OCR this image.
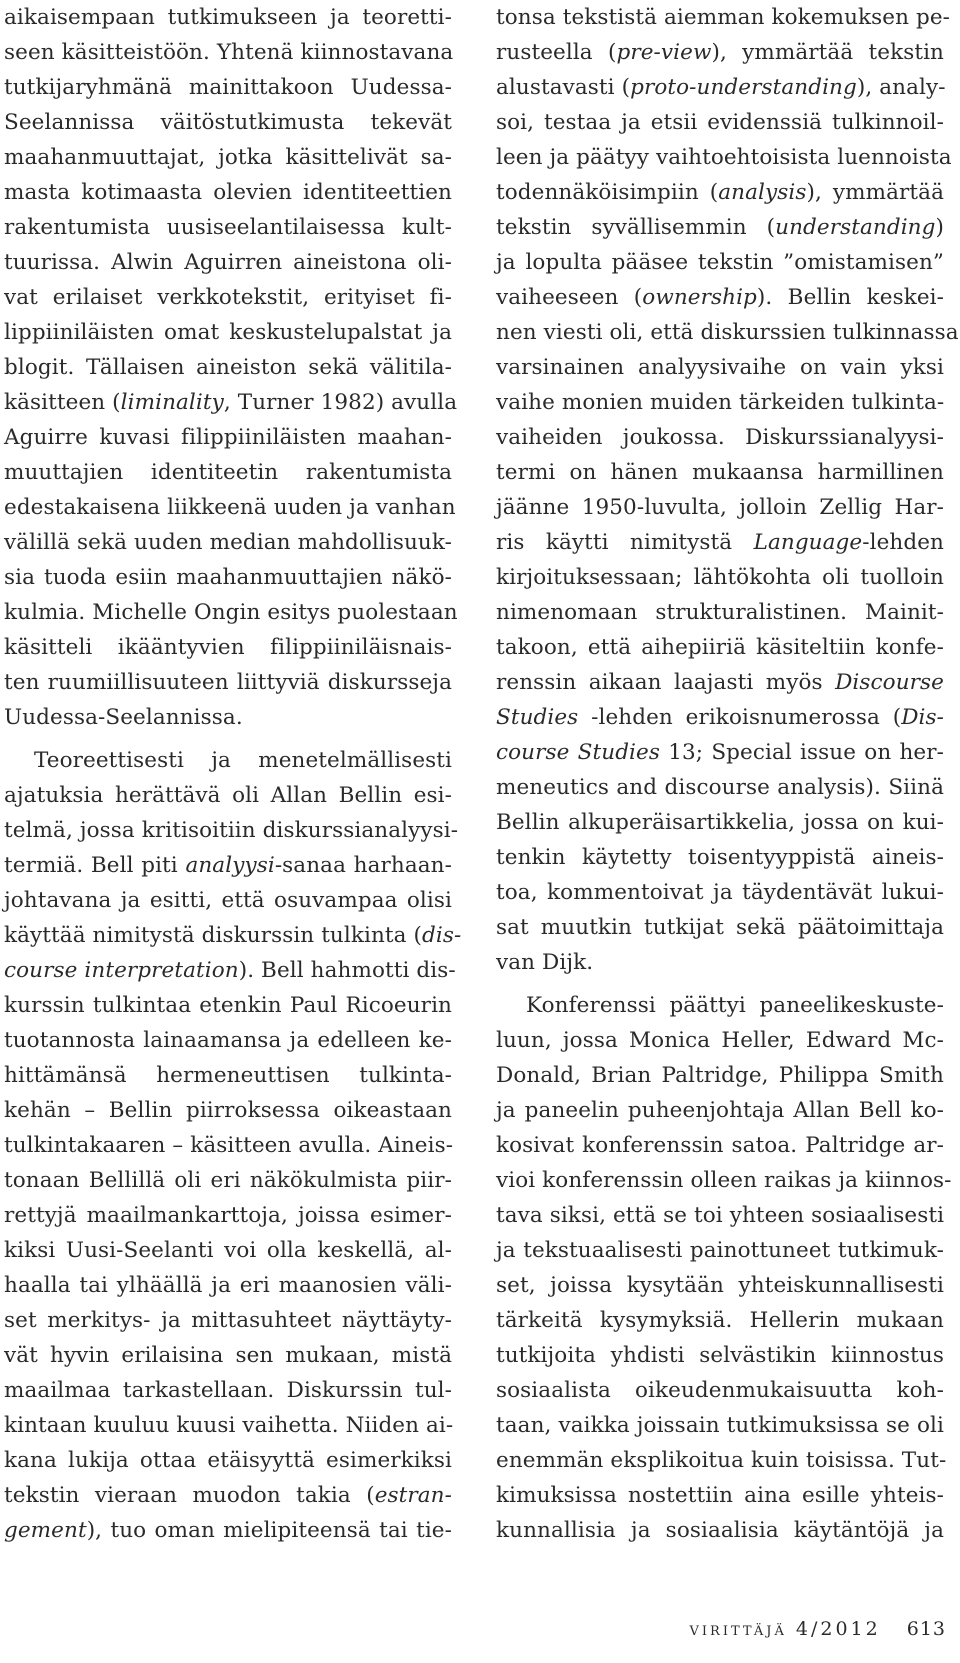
aikaisempaan tutkimukseen ja teoretti-
seen käsitteistöön. Yhtenä kiinnostavana
tutkijaryhmänä mainittakoon Uudessa-
Seelannissa väitöstutkimusta tekevät
maahanmuuttajat, jotka käsittelivät sa-
masta kotimaasta olevien identiteettien
rakentumista uusiseelantilaisessa kult-
tuurissa. Alwin Aguirren aineistona oli-
vat erilaiset verkkotekstit, erityiset fi-
lippiiniläisten omat keskustelupalstat ja
blogit. Tällaisen aineiston sekä välitila-
käsitteen (liminality, Turner 1982) avulla
Aguirre kuvasi filippiiniläisten maahan-
muuttajien identiteetin rakentumista
edestakaisena liikkeenä uuden ja vanhan
välillä sekä uuden median mahdollisuuk-
sia tuoda esiin maahanmuuttajien näkö-
kulmia. Michelle Ongin esitys puolestaan
käsitteli ikääntyvien filippiiniläisnais-
ten ruumiillisuuteen liittyviä diskursseja
Uudessa-Seelannissa.
Teoreettisesti ja menetelmällisesti
ajatuksia herättävä oli Allan Bellin esi-
telmä, jossa kritisoitiin diskurssianalyysi-
termiä. Bell piti analyysi-sanaa harhaan-
johtavana ja esitti, että osuvampaa olisi
käyttää nimitystä diskurssin tulkinta (dis-
course interpretation). Bell hahmotti dis-
kurssin tulkintaa etenkin Paul Ricoeurin
tuotannosta lainaamansa ja edelleen ke-
hittämänsä hermeneuttisen tulkinta-
kehän – Bellin piirroksessa oikeastaan
tulkintakaaren – käsitteen avulla. Aineis-
tonaan Bellillä oli eri näkökulmista piir-
rettyjä maailmankarttoja, joissa esimer-
kiksi Uusi-Seelanti voi olla keskellä, al-
haalla tai ylhäällä ja eri maanosien väli-
set merkitys- ja mittasuhteet näyttäyty-
vät hyvin erilaisina sen mukaan, mistä
maailmaa tarkastellaan. Diskurssin tul-
kintaan kuuluu kuusi vaihetta. Niiden ai-
kana lukija ottaa etäisyyttä esimerkiksi
tekstin vieraan muodon takia (estran-
gement), tuo oman mielipiteensä tai tie-
tonsa tekstistä aiemman kokemuksen pe-
rusteella (pre-view), ymmärtää tekstin
alustavasti (proto-understanding), analy-
soi, testaa ja etsii evidenssiä tulkinnoil-
leen ja päätyy vaihtoehtoisista luennoista
todennäköisimpiin (analysis), ymmärtää
tekstin syvällisemmin (understanding)
ja lopulta pääsee tekstin ”omistamisen”
vaiheeseen (ownership). Bellin keskei-
nen viesti oli, että diskurssien tulkinnassa
varsinainen analyysivaihe on vain yksi
vaihe monien muiden tärkeiden tulkinta-
vaiheiden joukossa. Diskurssianalyysi-
termi on hänen mukaansa harmillinen
jäänne 1950-luvulta, jolloin Zellig Har-
ris käytti nimitystä Language-lehden
kirjoituksessaan; lähtökohta oli tuolloin
nimenomaan strukturalistinen. Mainit-
takoon, että aihepiiriä käsiteltiin konfe-
renssin aikaan laajasti myös Discourse
Studies -lehden erikoisnumerossa (Dis-
course Studies 13; Special issue on her-
meneutics and discourse analysis). Siinä
Bellin alkuperäisartikkelia, jossa on kui-
tenkin käytetty toisentyyppistä aineis-
toa, kommentoivat ja täydentävät lukui-
sat muutkin tutkijat sekä päätoimittaja
van Dijk.
Konferenssi päättyi paneelikeskuste-
luun, jossa Monica Heller, Edward Mc-
Donald, Brian Paltridge, Philippa Smith
ja paneelin puheenjohtaja Allan Bell ko-
kosivat konferenssin satoa. Paltridge ar-
vioi konferenssin olleen raikas ja kiinnos-
tava siksi, että se toi yhteen sosiaalisesti
ja tekstuaalisesti painottuneet tutkimuk-
set, joissa kysytään yhteiskunnallisesti
tärkeitä kysymyksiä. Hellerin mukaan
tutkijoita yhdisti selvästikin kiinnostus
sosiaalista oikeudenmukaisuutta koh-
taan, vaikka joissain tutkimuksissa se oli
enemmän eksplikoitua kuin toisissa. Tut-
kimuksissa nostettiin aina esille yhteis-
kunnallisia ja sosiaalisia käytäntöjä ja
virittäjä 4/2012 613
